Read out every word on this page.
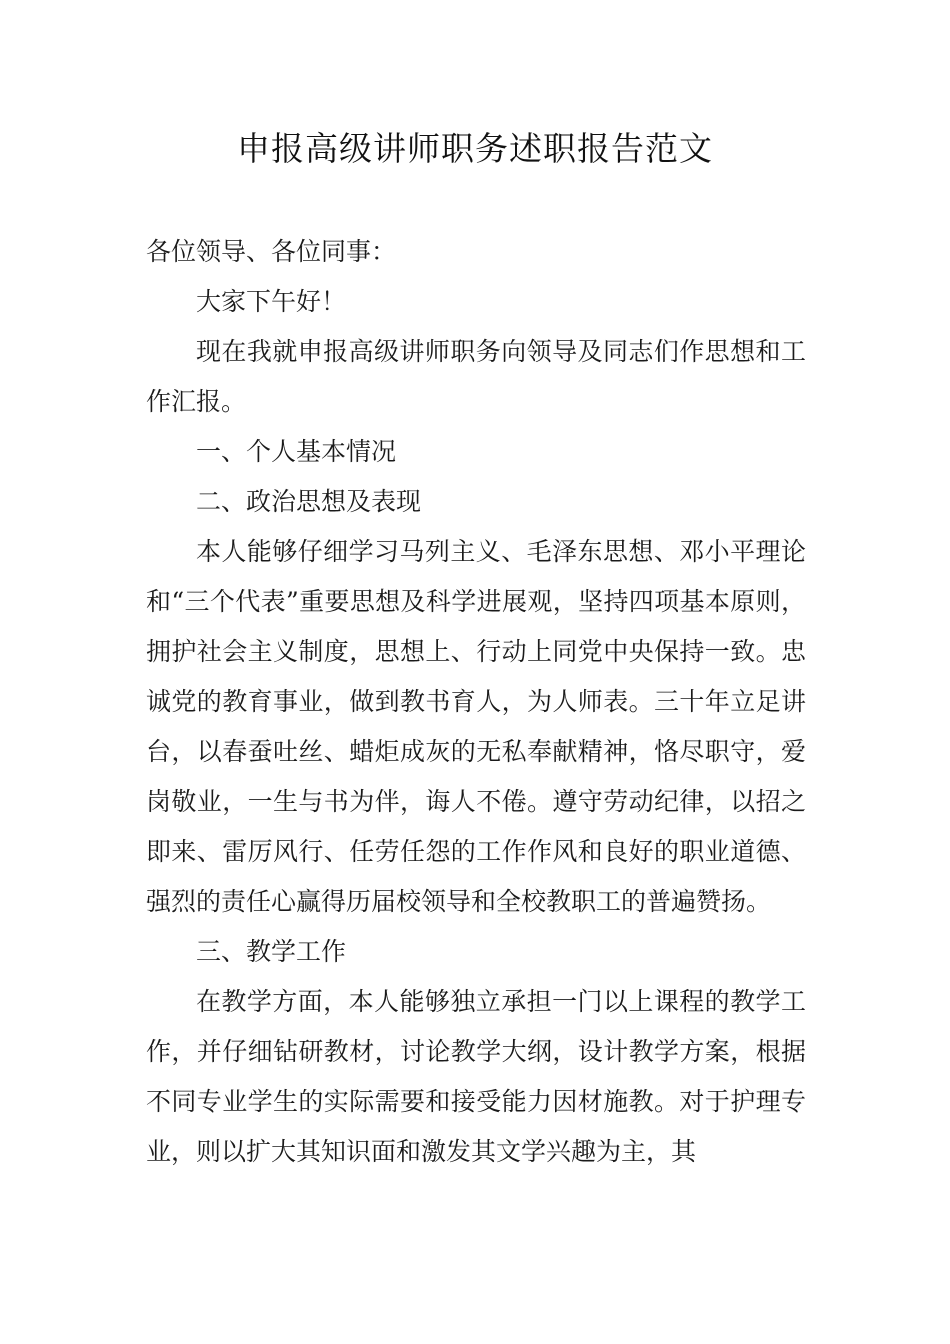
申报高级讲师职务述职报告范文

各位领导、各位同事：

大家下午好！

现在我就申报高级讲师职务向领导及同志们作思想和工作汇报。

一、个人基本情况

二、政治思想及表现

本人能够仔细学习马列主义、毛泽东思想、邓小平理论和“三个代表”重要思想及科学进展观，坚持四项基本原则，拥护社会主义制度，思想上、行动上同党中央保持一致。忠诚党的教育事业，做到教书育人，为人师表。三十年立足讲台，以春蚕吐丝、蜡炬成灰的无私奉献精神，恪尽职守，爱岗敬业，一生与书为伴，诲人不倦。遵守劳动纪律，以招之即来、雷厉风行、任劳任怨的工作作风和良好的职业道德、强烈的责任心赢得历届校领导和全校教职工的普遍赞扬。

三、教学工作

在教学方面，本人能够独立承担一门以上课程的教学工作，并仔细钻研教材，讨论教学大纲，设计教学方案，根据不同专业学生的实际需要和接受能力因材施教。对于护理专业，则以扩大其知识面和激发其文学兴趣为主，其
